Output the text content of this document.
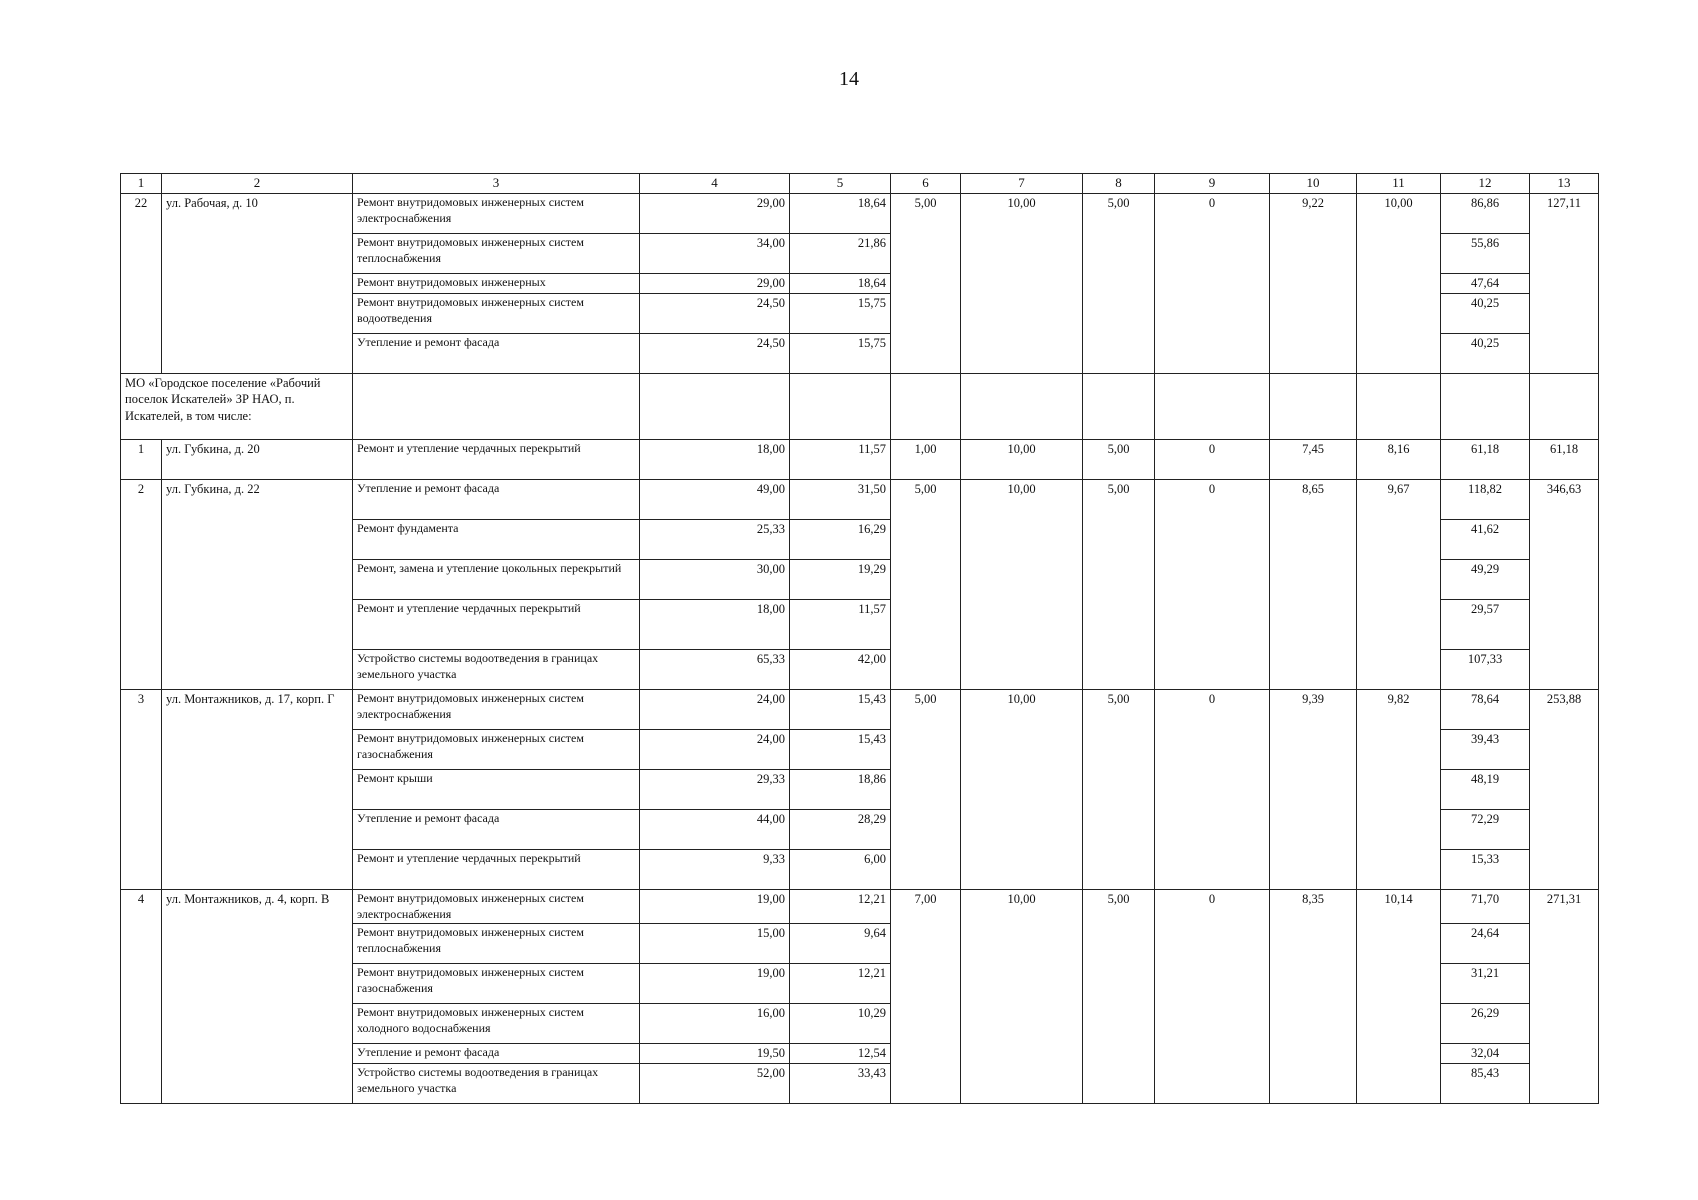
14
1	2	3	4	5	6	7	8	9	10	11	12	13
22	ул. Рабочая, д. 10	Ремонт внутридомовых инженерных систем электроснабжения	29,00	18,64	5,00	10,00	5,00	0	9,22	10,00	86,86	127,11
		Ремонт внутридомовых инженерных систем теплоснабжения	34,00	21,86							55,86	
		Ремонт внутридомовых инженерных	29,00	18,64							47,64	
		Ремонт внутридомовых инженерных систем водоотведения	24,50	15,75							40,25	
		Утепление и ремонт фасада	24,50	15,75							40,25	
МО «Городское поселение «Рабочий поселок Искателей» ЗР НАО, п. Искателей, в том числе:												
1	ул. Губкина, д. 20	Ремонт и утепление чердачных перекрытий	18,00	11,57	1,00	10,00	5,00	0	7,45	8,16	61,18	61,18
2	ул. Губкина, д. 22	Утепление и ремонт фасада	49,00	31,50	5,00	10,00	5,00	0	8,65	9,67	118,82	346,63
		Ремонт фундамента	25,33	16,29							41,62	
		Ремонт, замена и утепление цокольных перекрытий	30,00	19,29							49,29	
		Ремонт и утепление чердачных перекрытий	18,00	11,57							29,57	
		Устройство системы водоотведения в границах земельного участка	65,33	42,00							107,33	
3	ул. Монтажников, д. 17, корп. Г	Ремонт внутридомовых инженерных систем электроснабжения	24,00	15,43	5,00	10,00	5,00	0	9,39	9,82	78,64	253,88
		Ремонт внутридомовых инженерных систем газоснабжения	24,00	15,43							39,43	
		Ремонт крыши	29,33	18,86							48,19	
		Утепление и ремонт фасада	44,00	28,29							72,29	
		Ремонт и утепление чердачных перекрытий	9,33	6,00							15,33	
4	ул. Монтажников, д. 4, корп. В	Ремонт внутридомовых инженерных систем электроснабжения	19,00	12,21	7,00	10,00	5,00	0	8,35	10,14	71,70	271,31
		Ремонт внутридомовых инженерных систем теплоснабжения	15,00	9,64							24,64	
		Ремонт внутридомовых инженерных систем газоснабжения	19,00	12,21							31,21	
		Ремонт внутридомовых инженерных систем холодного водоснабжения	16,00	10,29							26,29	
		Утепление и ремонт фасада	19,50	12,54							32,04	
		Устройство системы водоотведения в границах земельного участка	52,00	33,43							85,43	
